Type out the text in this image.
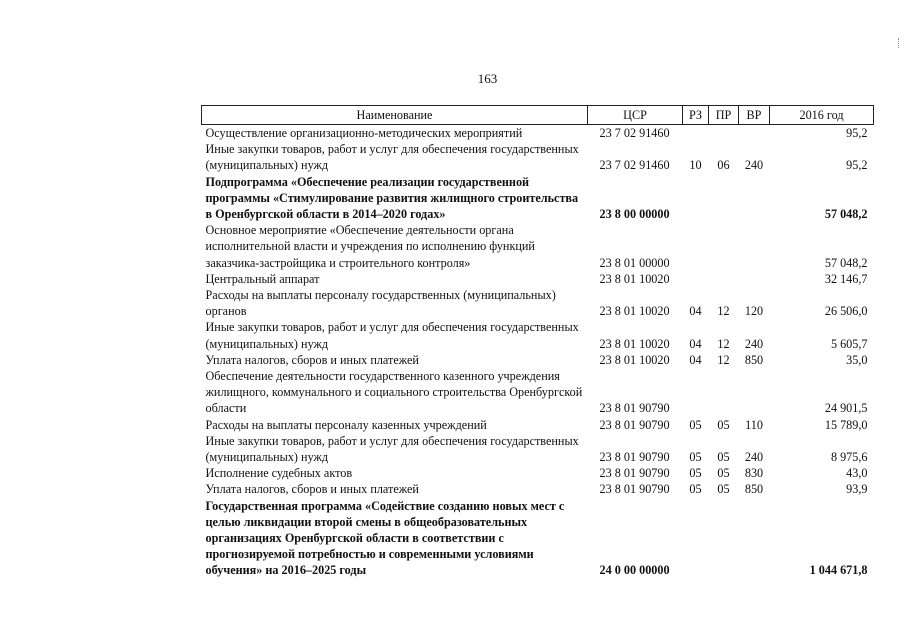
163
Наименование	ЦСР	РЗ	ПР	ВР	2016 год
Осуществление организационно-методических мероприятий	23 7 02 91460				95,2
Иные закупки товаров, работ и услуг для обеспечения государственных (муниципальных) нужд	23 7 02 91460	10	06	240	95,2
Подпрограмма «Обеспечение реализации государственной программы «Стимулирование развития жилищного строительства в Оренбургской области в 2014–2020 годах»	23 8 00 00000				57 048,2
Основное мероприятие «Обеспечение деятельности органа исполнительной власти и учреждения по исполнению функций заказчика-застройщика и строительного контроля»	23 8 01 00000				57 048,2
Центральный аппарат	23 8 01 10020				32 146,7
Расходы на выплаты персоналу государственных (муниципальных) органов	23 8 01 10020	04	12	120	26 506,0
Иные закупки товаров, работ и услуг для обеспечения государственных (муниципальных) нужд	23 8 01 10020	04	12	240	5 605,7
Уплата налогов, сборов и иных платежей	23 8 01 10020	04	12	850	35,0
Обеспечение деятельности государственного казенного учреждения жилищного, коммунального и социального строительства Оренбургской области	23 8 01 90790				24 901,5
Расходы на выплаты персоналу казенных учреждений	23 8 01 90790	05	05	110	15 789,0
Иные закупки товаров, работ и услуг для обеспечения государственных (муниципальных) нужд	23 8 01 90790	05	05	240	8 975,6
Исполнение судебных актов	23 8 01 90790	05	05	830	43,0
Уплата налогов, сборов и иных платежей	23 8 01 90790	05	05	850	93,9
Государственная программа «Содействие созданию новых мест с целью ликвидации второй смены в общеобразовательных организациях Оренбургской области в соответствии с прогнозируемой потребностью и современными условиями обучения» на 2016–2025 годы	24 0 00 00000				1 044 671,8
